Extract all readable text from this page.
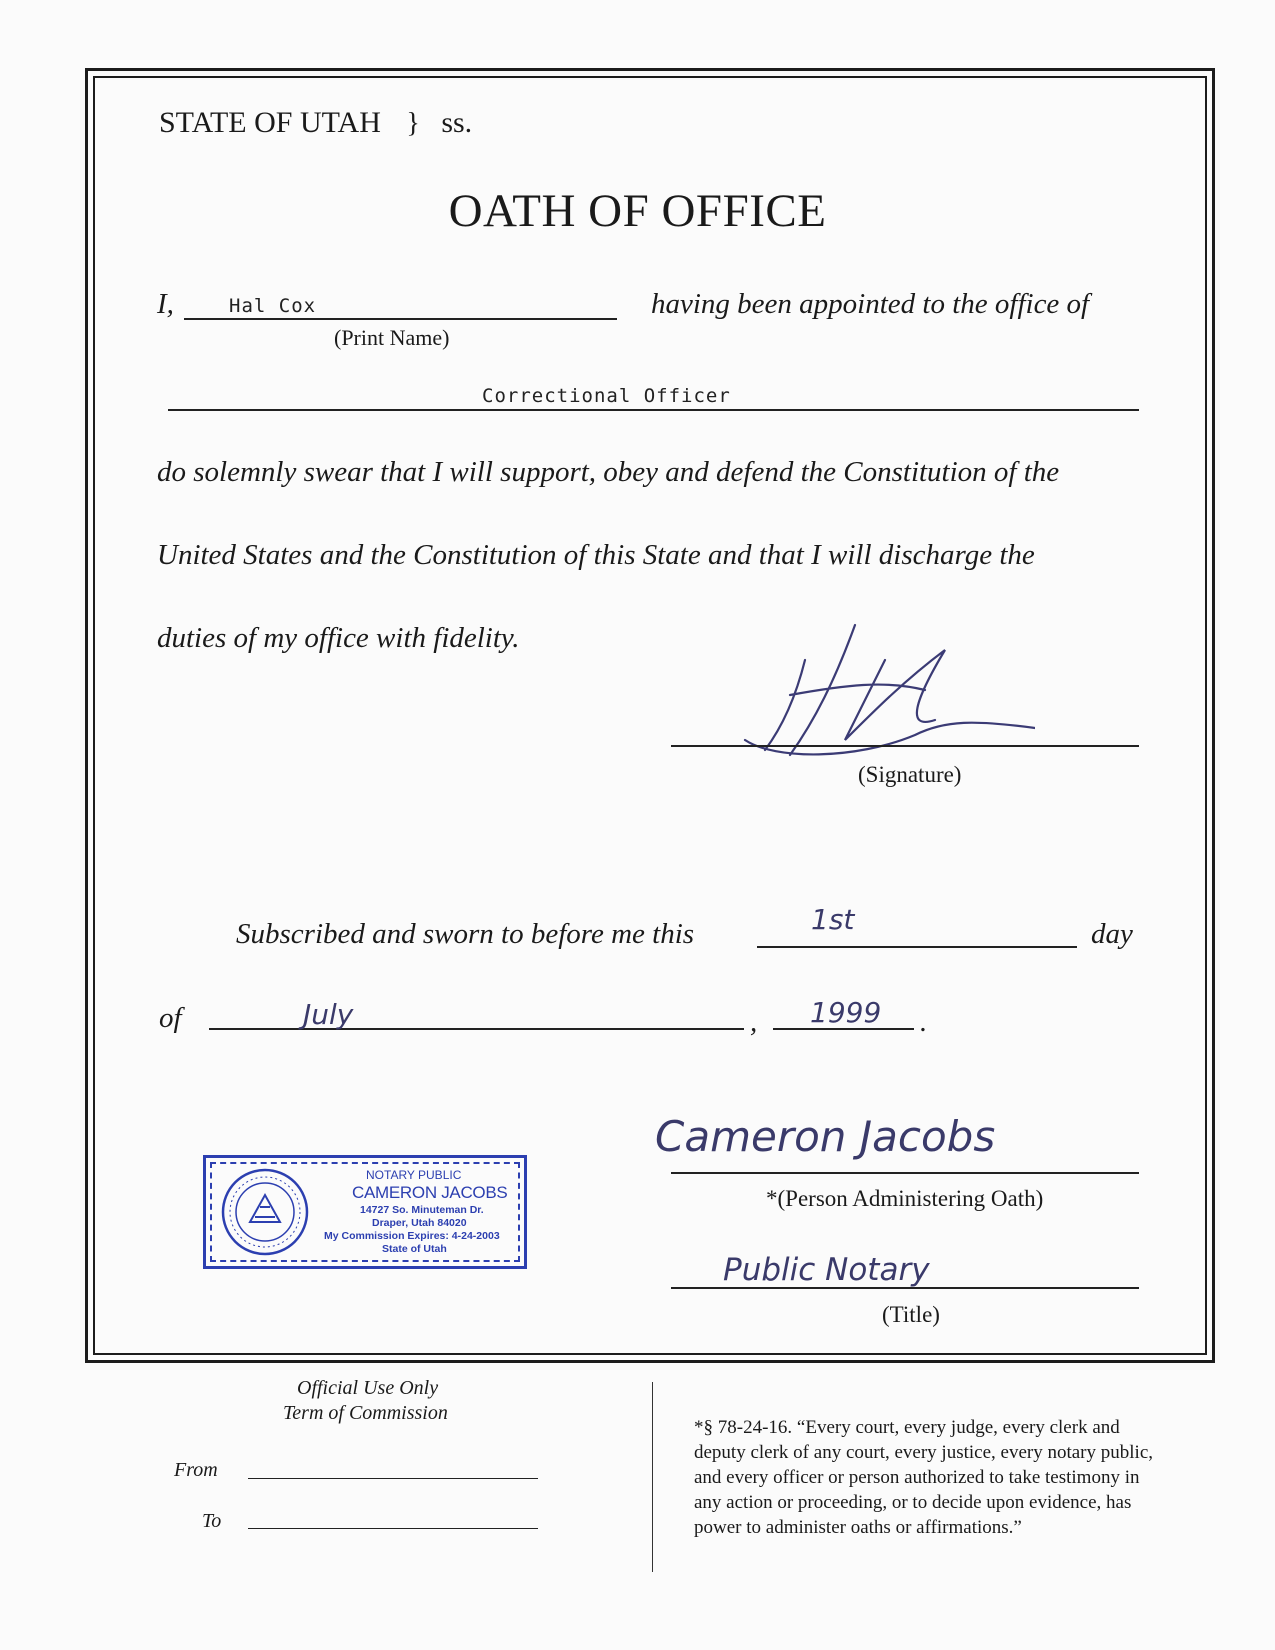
STATE OF UTAH } ss.
OATH OF OFFICE
I,	Hal Cox
(Print Name)
having been appointed to the office of
Correctional Officer
do solemnly swear that I will support, obey and defend the Constitution of the
United States and the Constitution of this State and that I will discharge the
duties of my office with fidelity.
(Signature)
Subscribed and sworn to before me this	1st	day
of	July	, 1999 .
NOTARY PUBLIC
CAMERON JACOBS
14727 So. Minuteman Dr.
Draper, Utah 84020
My Commission Expires: 4-24-2003
State of Utah
Cameron Jacobs
*(Person Administering Oath)
Public Notary
(Title)
Official Use Only
Term of Commission
From
To
*§ 78-24-16. “Every court, every judge, every clerk and
deputy clerk of any court, every justice, every notary public,
and every officer or person authorized to take testimony in
any action or proceeding, or to decide upon evidence, has
power to administer oaths or affirmations.”
